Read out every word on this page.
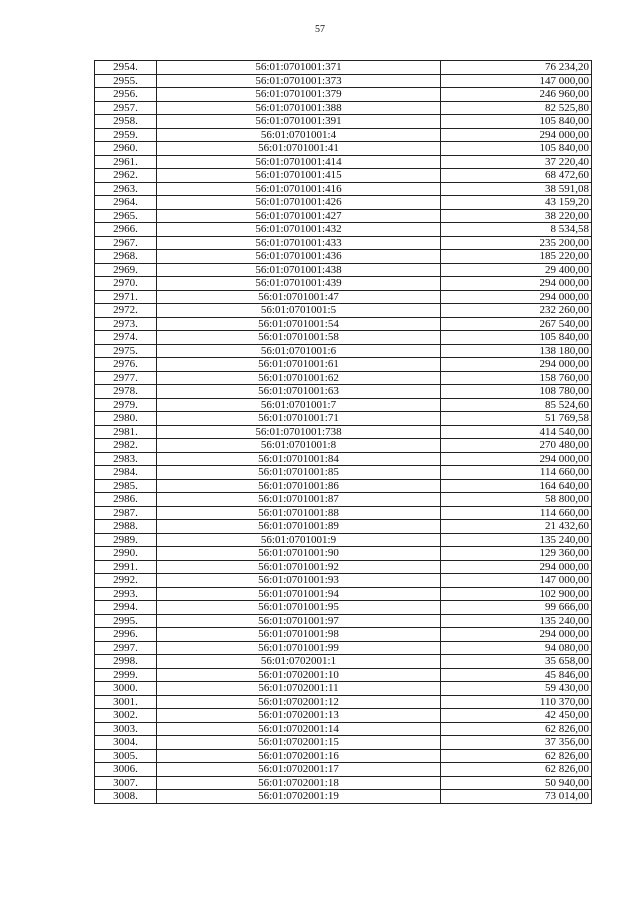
57
2954.	56:01:0701001:371	76 234,20
2955.	56:01:0701001:373	147 000,00
2956.	56:01:0701001:379	246 960,00
2957.	56:01:0701001:388	82 525,80
2958.	56:01:0701001:391	105 840,00
2959.	56:01:0701001:4	294 000,00
2960.	56:01:0701001:41	105 840,00
2961.	56:01:0701001:414	37 220,40
2962.	56:01:0701001:415	68 472,60
2963.	56:01:0701001:416	38 591,08
2964.	56:01:0701001:426	43 159,20
2965.	56:01:0701001:427	38 220,00
2966.	56:01:0701001:432	8 534,58
2967.	56:01:0701001:433	235 200,00
2968.	56:01:0701001:436	185 220,00
2969.	56:01:0701001:438	29 400,00
2970.	56:01:0701001:439	294 000,00
2971.	56:01:0701001:47	294 000,00
2972.	56:01:0701001:5	232 260,00
2973.	56:01:0701001:54	267 540,00
2974.	56:01:0701001:58	105 840,00
2975.	56:01:0701001:6	138 180,00
2976.	56:01:0701001:61	294 000,00
2977.	56:01:0701001:62	158 760,00
2978.	56:01:0701001:63	108 780,00
2979.	56:01:0701001:7	85 524,60
2980.	56:01:0701001:71	51 769,58
2981.	56:01:0701001:738	414 540,00
2982.	56:01:0701001:8	270 480,00
2983.	56:01:0701001:84	294 000,00
2984.	56:01:0701001:85	114 660,00
2985.	56:01:0701001:86	164 640,00
2986.	56:01:0701001:87	58 800,00
2987.	56:01:0701001:88	114 660,00
2988.	56:01:0701001:89	21 432,60
2989.	56:01:0701001:9	135 240,00
2990.	56:01:0701001:90	129 360,00
2991.	56:01:0701001:92	294 000,00
2992.	56:01:0701001:93	147 000,00
2993.	56:01:0701001:94	102 900,00
2994.	56:01:0701001:95	99 666,00
2995.	56:01:0701001:97	135 240,00
2996.	56:01:0701001:98	294 000,00
2997.	56:01:0701001:99	94 080,00
2998.	56:01:0702001:1	35 658,00
2999.	56:01:0702001:10	45 846,00
3000.	56:01:0702001:11	59 430,00
3001.	56:01:0702001:12	110 370,00
3002.	56:01:0702001:13	42 450,00
3003.	56:01:0702001:14	62 826,00
3004.	56:01:0702001:15	37 356,00
3005.	56:01:0702001:16	62 826,00
3006.	56:01:0702001:17	62 826,00
3007.	56:01:0702001:18	50 940,00
3008.	56:01:0702001:19	73 014,00
